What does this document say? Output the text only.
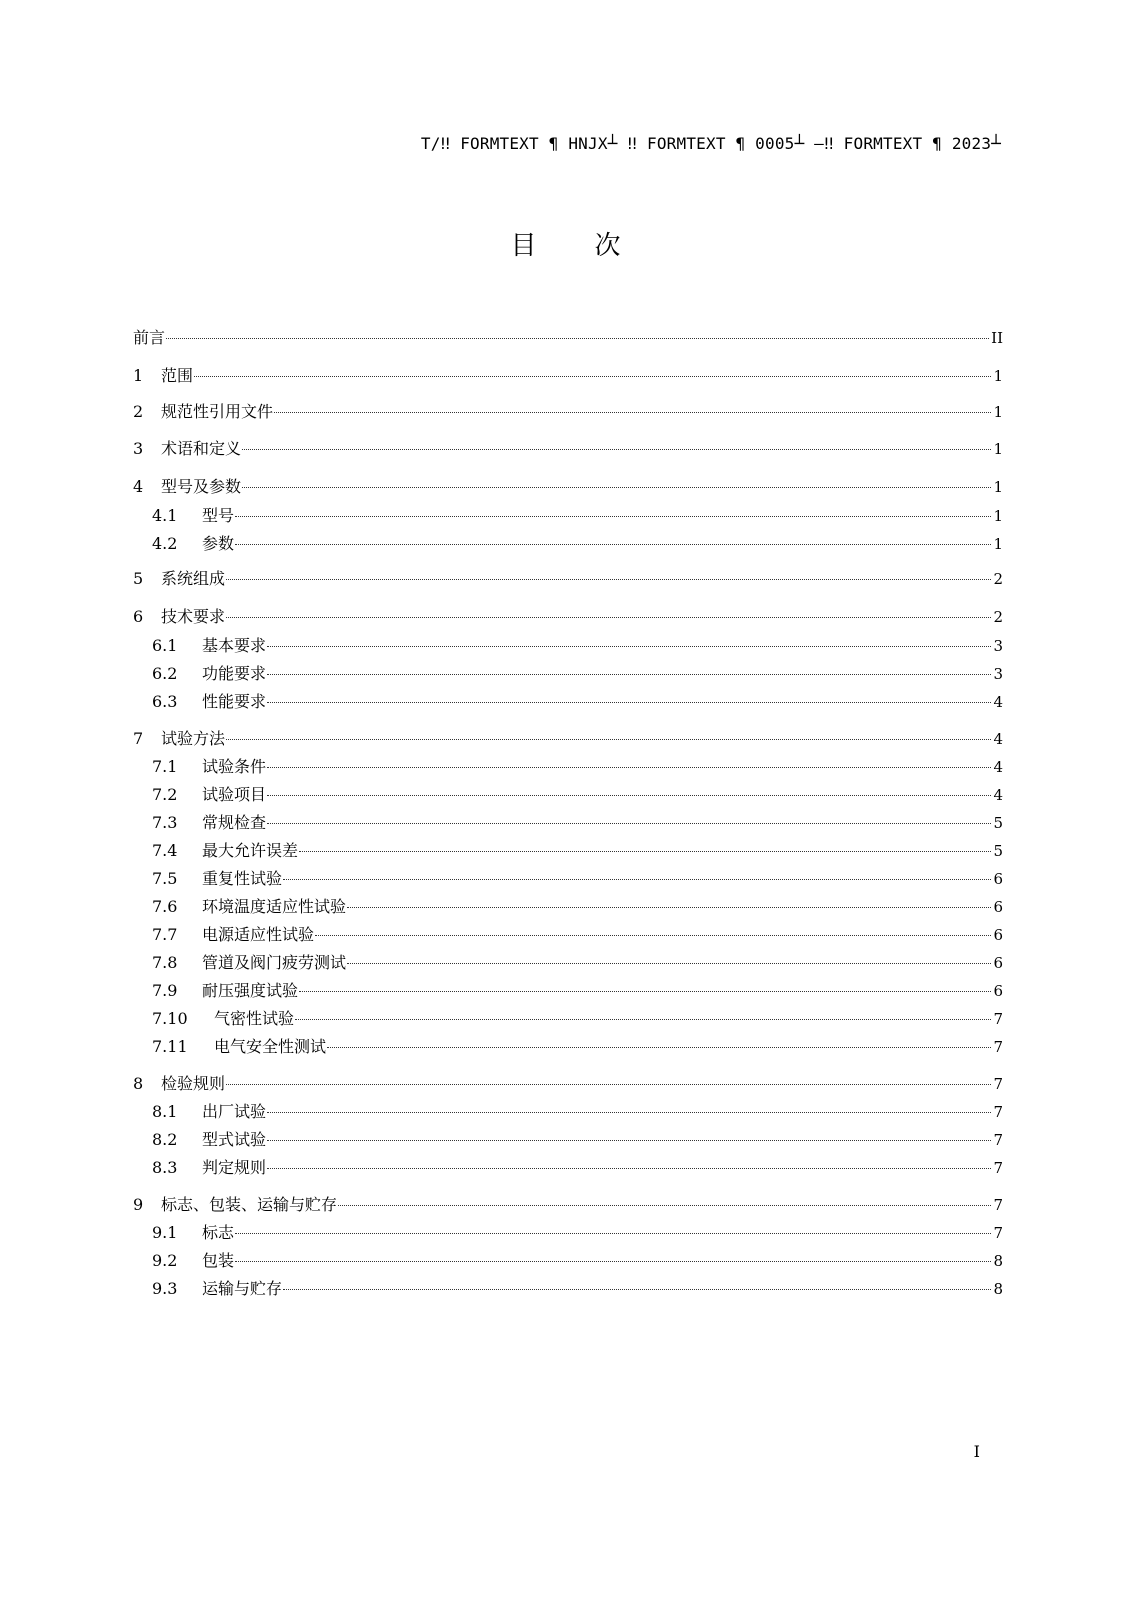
T/‼ FORMTEXT ¶ HNJX┴ ‼ FORMTEXT ¶ 0005┴ —‼ FORMTEXT ¶ 2023┴
目次
前言	II
1	范围	1
2	规范性引用文件	1
3	术语和定义	1
4	型号及参数	1
4.1	型号	1
4.2	参数	1
5	系统组成	2
6	技术要求	2
6.1	基本要求	3
6.2	功能要求	3
6.3	性能要求	4
7	试验方法	4
7.1	试验条件	4
7.2	试验项目	4
7.3	常规检查	5
7.4	最大允许误差	5
7.5	重复性试验	6
7.6	环境温度适应性试验	6
7.7	电源适应性试验	6
7.8	管道及阀门疲劳测试	6
7.9	耐压强度试验	6
7.10	气密性试验	7
7.11	电气安全性测试	7
8	检验规则	7
8.1	出厂试验	7
8.2	型式试验	7
8.3	判定规则	7
9	标志、包装、运输与贮存	7
9.1	标志	7
9.2	包装	8
9.3	运输与贮存	8
I
